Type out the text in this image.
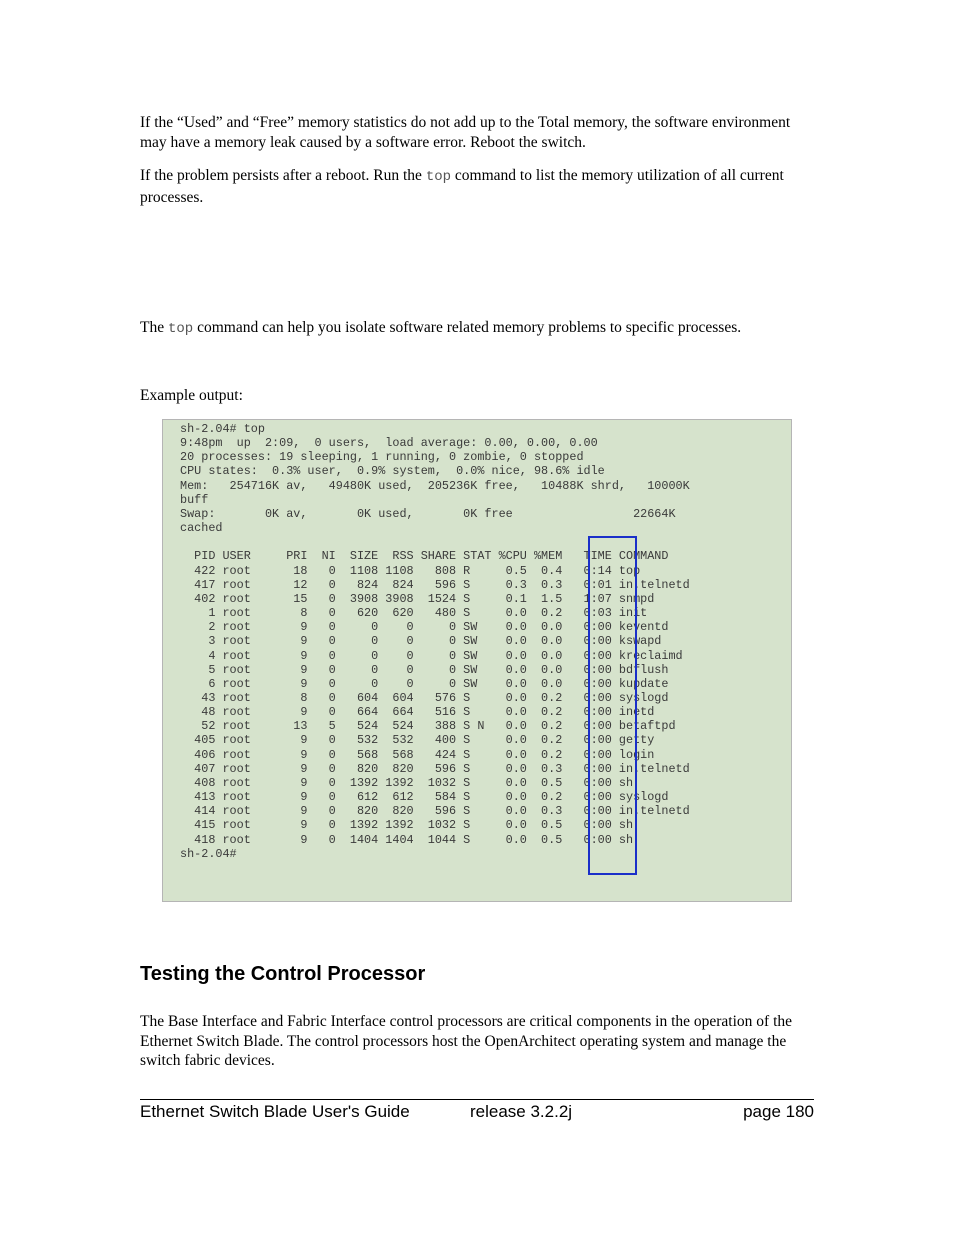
If the “Used” and “Free” memory statistics do not add up to the Total memory, the software environment may have a memory leak caused by a software error. Reboot the switch.
If the problem persists after a reboot. Run the top command to list the memory utilization of all current processes.
The top command can help you isolate software related memory problems to specific processes.
Example output:
sh-2.04# top
9:48pm  up  2:09,  0 users,  load average: 0.00, 0.00, 0.00
20 processes: 19 sleeping, 1 running, 0 zombie, 0 stopped
CPU states:  0.3% user,  0.9% system,  0.0% nice, 98.6% idle
Mem:   254716K av,   49480K used,  205236K free,   10488K shrd,   10000K
buff
Swap:       0K av,       0K used,       0K free                 22664K
cached

PID USER     PRI  NI  SIZE  RSS SHARE STAT %CPU %MEM   TIME COMMAND
422 root      18   0  1108 1108   808 R     0.5  0.4   0:14 top
417 root      12   0   824  824   596 S     0.3  0.3   0:01 in.telnetd
402 root      15   0  3908 3908  1524 S     0.1  1.5   1:07 snmpd
1 root       8   0   620  620   480 S     0.0  0.2   0:03 init
2 root       9   0     0    0     0 SW    0.0  0.0   0:00 keventd
3 root       9   0     0    0     0 SW    0.0  0.0   0:00 kswapd
4 root       9   0     0    0     0 SW    0.0  0.0   0:00 kreclaimd
5 root       9   0     0    0     0 SW    0.0  0.0   0:00 bdflush
6 root       9   0     0    0     0 SW    0.0  0.0   0:00 kupdate
43 root       8   0   604  604   576 S     0.0  0.2   0:00 syslogd
48 root       9   0   664  664   516 S     0.0  0.2   0:00 inetd
52 root      13   5   524  524   388 S N   0.0  0.2   0:00 betaftpd
405 root       9   0   532  532   400 S     0.0  0.2   0:00 getty
406 root       9   0   568  568   424 S     0.0  0.2   0:00 login
407 root       9   0   820  820   596 S     0.0  0.3   0:00 in.telnetd
408 root       9   0  1392 1392  1032 S     0.0  0.5   0:00 sh
413 root       9   0   612  612   584 S     0.0  0.2   0:00 syslogd
414 root       9   0   820  820   596 S     0.0  0.3   0:00 in.telnetd
415 root       9   0  1392 1392  1032 S     0.0  0.5   0:00 sh
418 root       9   0  1404 1404  1044 S     0.0  0.5   0:00 sh
sh-2.04#

Testing the Control Processor
The Base Interface and Fabric Interface control processors are critical components in the operation of the Ethernet Switch Blade. The control processors host the OpenArchitect operating system and manage the switch fabric devices.
Ethernet Switch Blade User's Guide	release 3.2.2j	page 180
